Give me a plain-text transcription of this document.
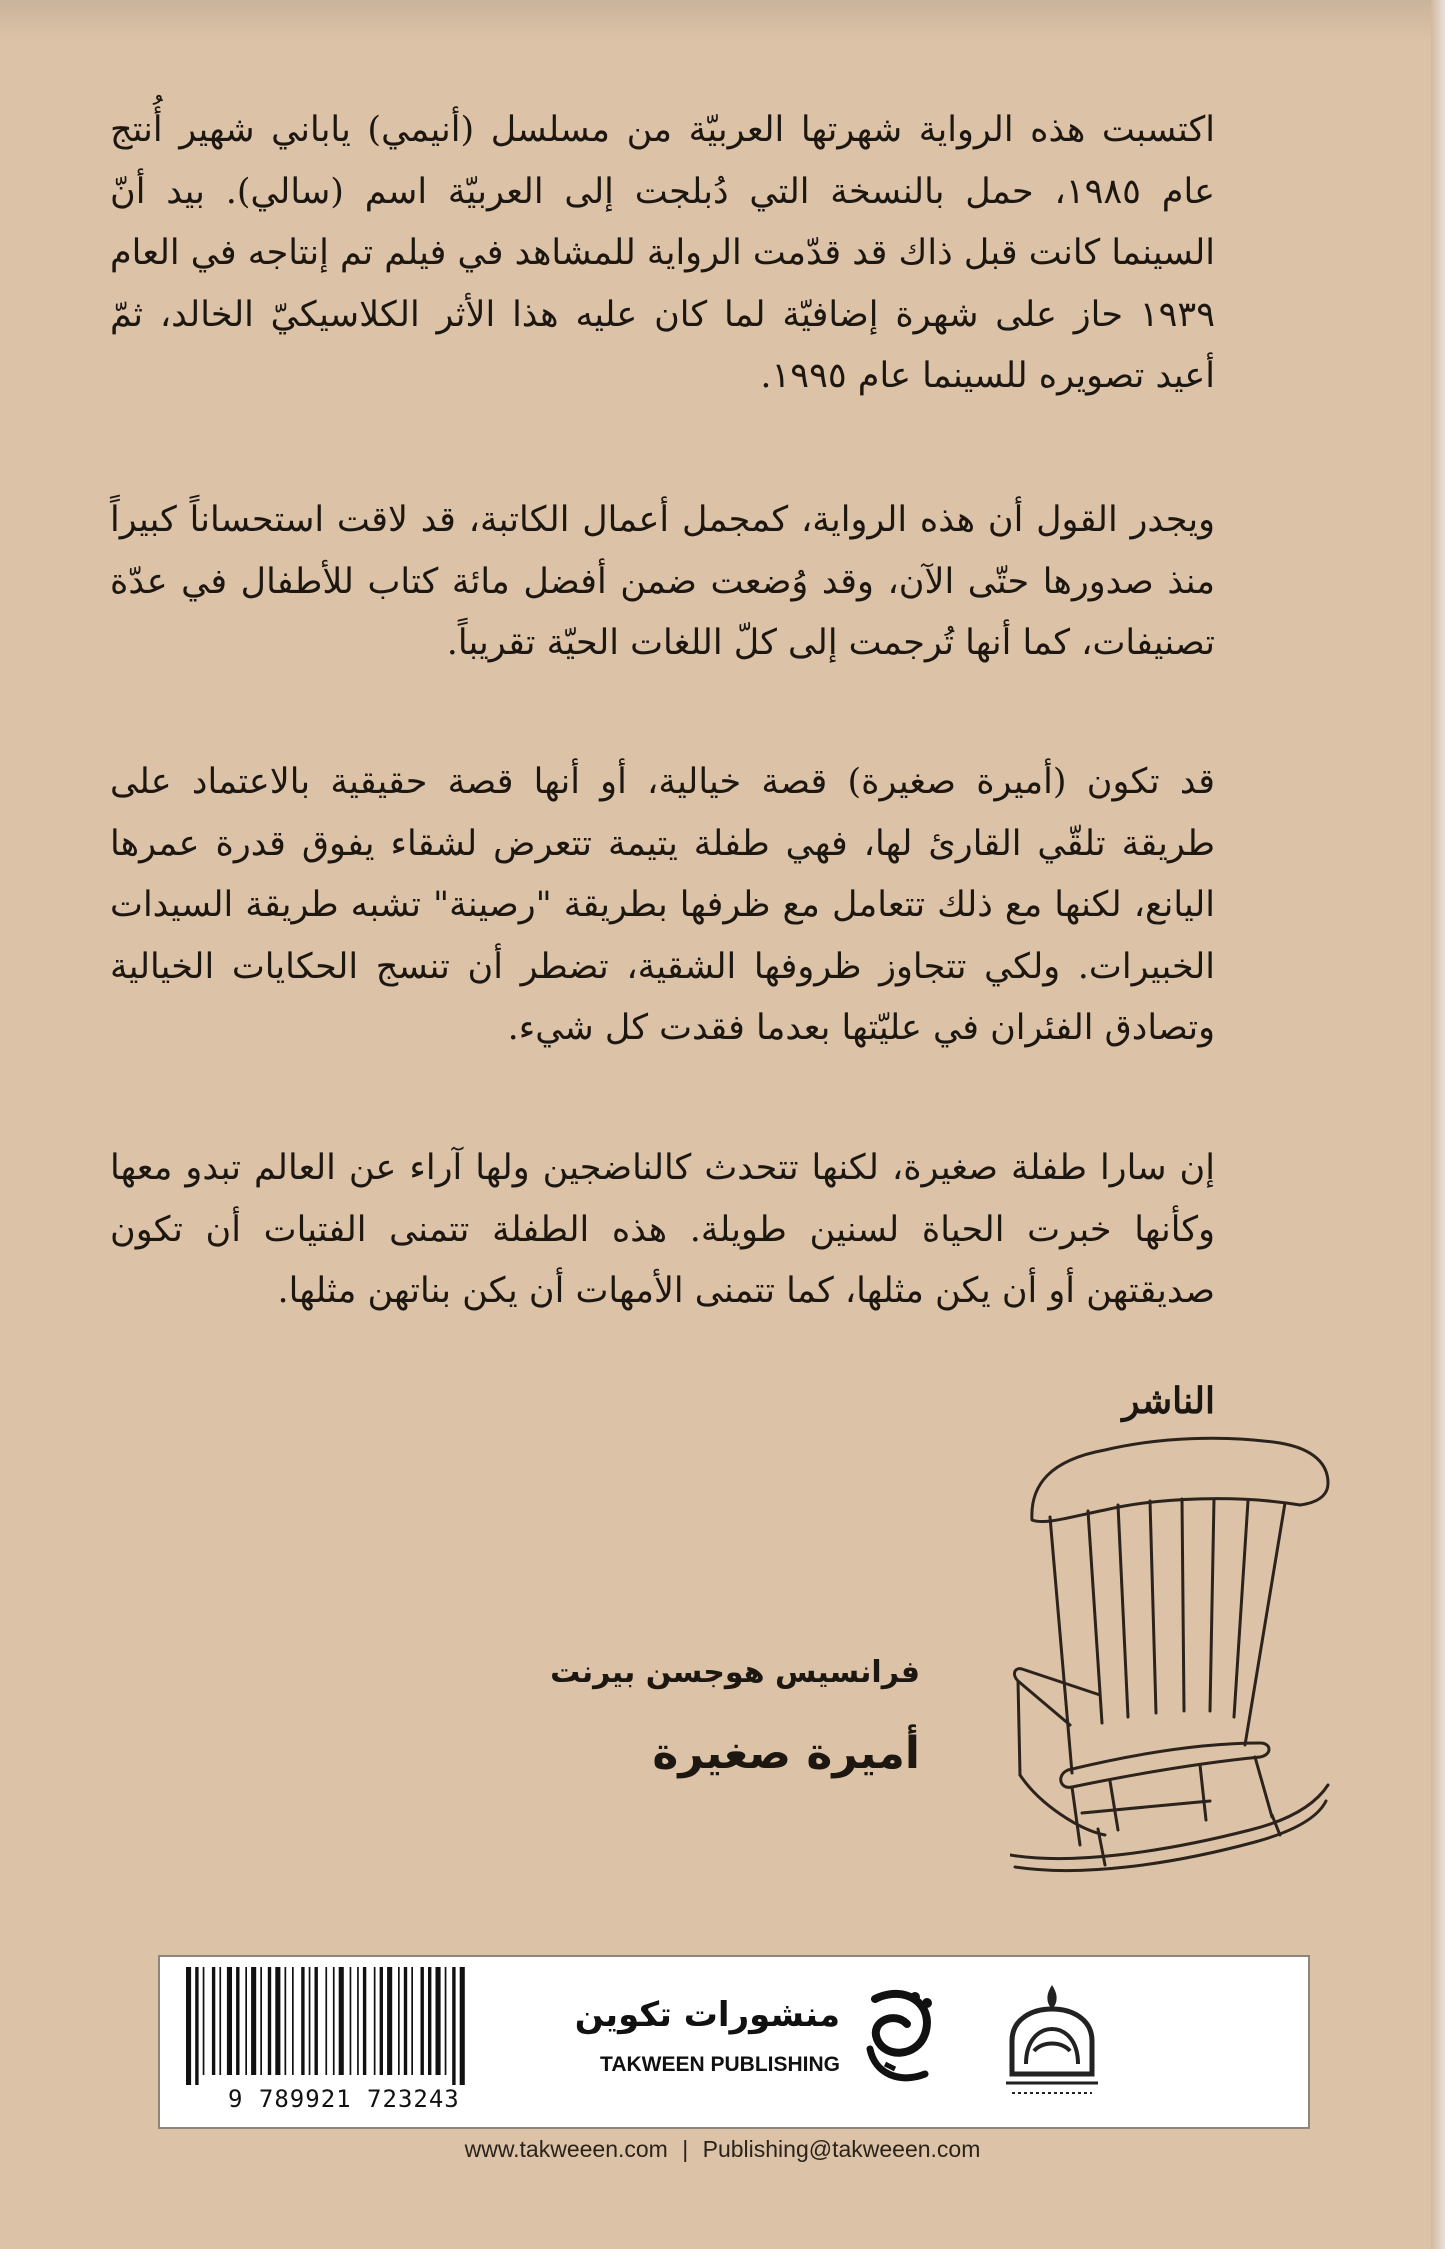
اكتسبت هذه الرواية شهرتها العربيّة من مسلسل (أنيمي) ياباني شهير أُنتج عام ١٩٨٥، حمل بالنسخة التي دُبلجت إلى العربيّة اسم (سالي). بيد أنّ السينما كانت قبل ذاك قد قدّمت الرواية للمشاهد في فيلم تم إنتاجه في العام ١٩٣٩ حاز على شهرة إضافيّة لما كان عليه هذا الأثر الكلاسيكيّ الخالد، ثمّ أعيد تصويره للسينما عام ١٩٩٥.

ويجدر القول أن هذه الرواية، كمجمل أعمال الكاتبة، قد لاقت استحساناً كبيراً منذ صدورها حتّى الآن، وقد وُضعت ضمن أفضل مائة كتاب للأطفال في عدّة تصنيفات، كما أنها تُرجمت إلى كلّ اللغات الحيّة تقريباً.

قد تكون (أميرة صغيرة) قصة خيالية، أو أنها قصة حقيقية بالاعتماد على طريقة تلقّي القارئ لها، فهي طفلة يتيمة تتعرض لشقاء يفوق قدرة عمرها اليانع، لكنها مع ذلك تتعامل مع ظرفها بطريقة "رصينة" تشبه طريقة السيدات الخبيرات. ولكي تتجاوز ظروفها الشقية، تضطر أن تنسج الحكايات الخيالية وتصادق الفئران في عليّتها بعدما فقدت كل شيء.

إن سارا طفلة صغيرة، لكنها تتحدث كالناضجين ولها آراء عن العالم تبدو معها وكأنها خبرت الحياة لسنين طويلة. هذه الطفلة تتمنى الفتيات أن تكون صديقتهن أو أن يكن مثلها، كما تتمنى الأمهات أن يكن بناتهن مثلها.

الناشر
فرانسيس هوجسن بيرنت
أميرة صغيرة
9 789921 723243
منشورات تكوين
TAKWEEN PUBLISHING
www.takweeen.com | Publishing@takweeen.com
